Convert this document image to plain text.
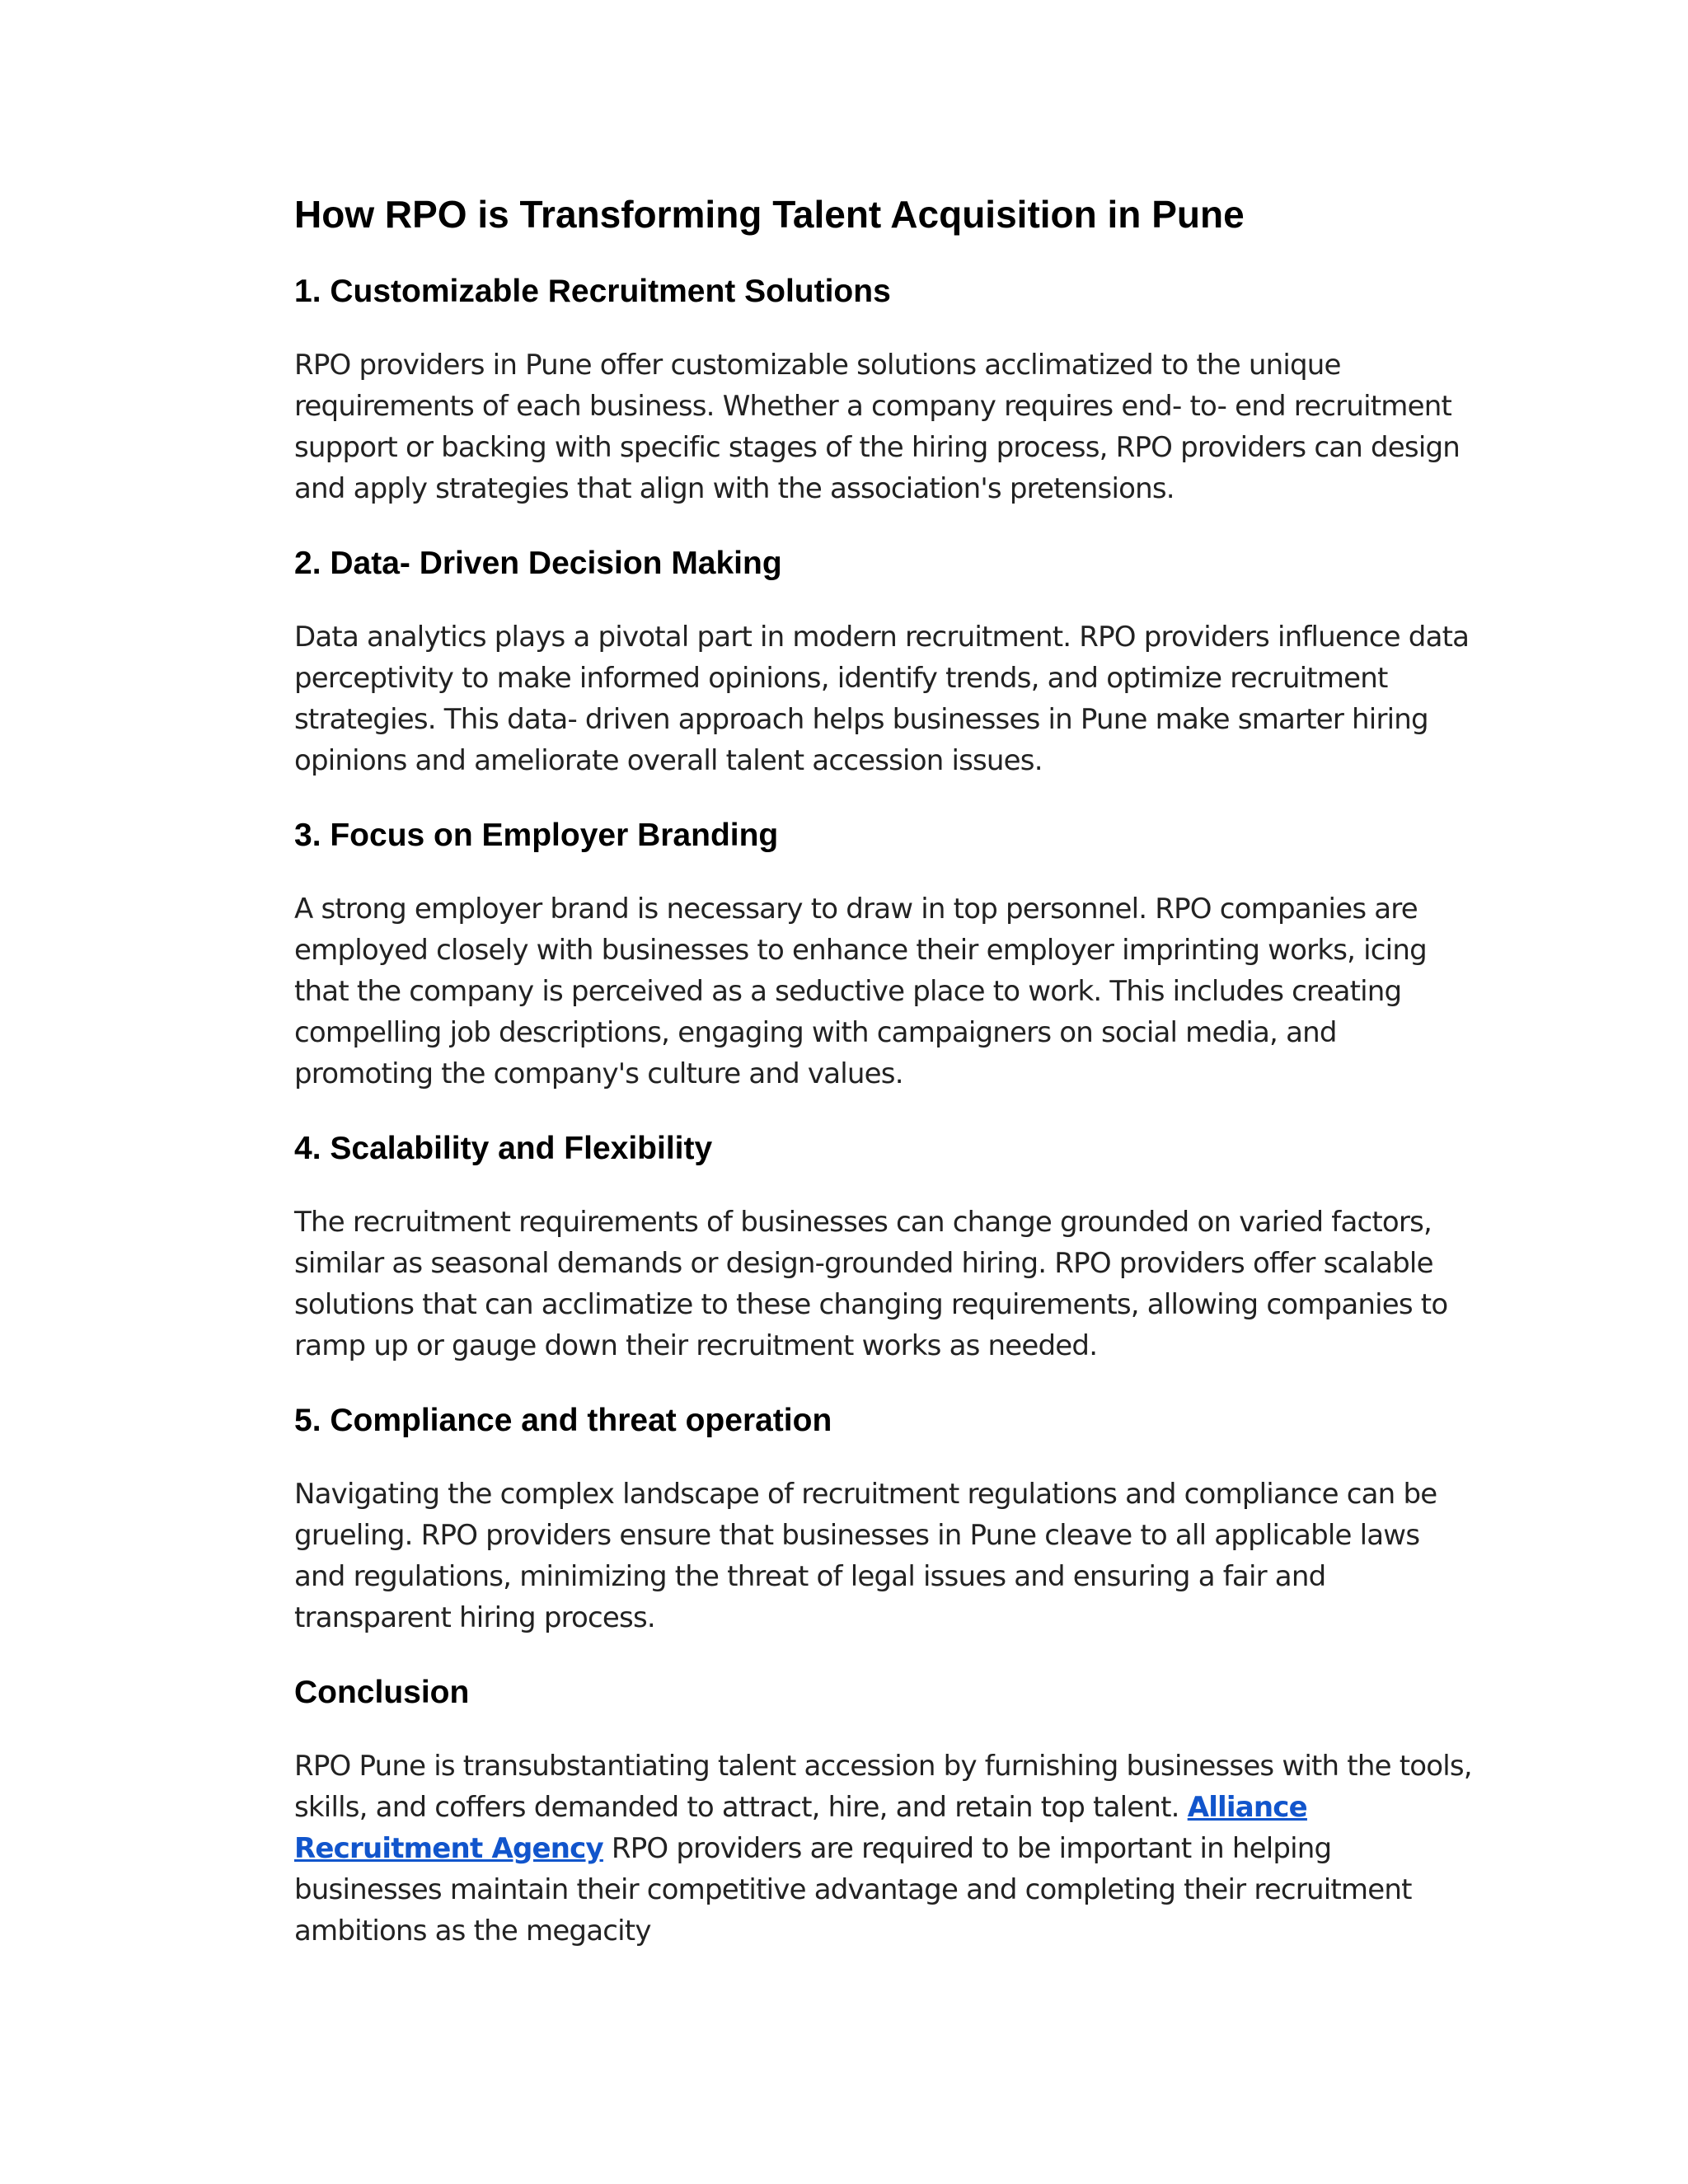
How RPO is Transforming Talent Acquisition in Pune
1. Customizable Recruitment Solutions

RPO providers in Pune offer customizable solutions acclimatized to the unique requirements of each business. Whether a company requires end- to- end recruitment support or backing with specific stages of the hiring process, RPO providers can design and apply strategies that align with the association's pretensions.

2. Data- Driven Decision Making

Data analytics plays a pivotal part in modern recruitment. RPO providers influence data perceptivity to make informed opinions, identify trends, and optimize recruitment strategies. This data- driven approach helps businesses in Pune make smarter hiring opinions and ameliorate overall talent accession issues.

3. Focus on Employer Branding

A strong employer brand is necessary to draw in top personnel. RPO companies are employed closely with businesses to enhance their employer imprinting works, icing that the company is perceived as a seductive place to work. This includes creating compelling job descriptions, engaging with campaigners on social media, and promoting the company's culture and values.

4. Scalability and Flexibility

The recruitment requirements of businesses can change grounded on varied factors, similar as seasonal demands or design-grounded hiring. RPO providers offer scalable solutions that can acclimatize to these changing requirements, allowing companies to ramp up or gauge down their recruitment works as needed.

5. Compliance and threat operation

Navigating the complex landscape of recruitment regulations and compliance can be grueling. RPO providers ensure that businesses in Pune cleave to all applicable laws and regulations, minimizing the threat of legal issues and ensuring a fair and transparent hiring process.

Conclusion

RPO Pune is transubstantiating talent accession by furnishing businesses with the tools, skills, and coffers demanded to attract, hire, and retain top talent. Alliance Recruitment Agency RPO providers are required to be important in helping businesses maintain their competitive advantage and completing their recruitment ambitions as the megacity
